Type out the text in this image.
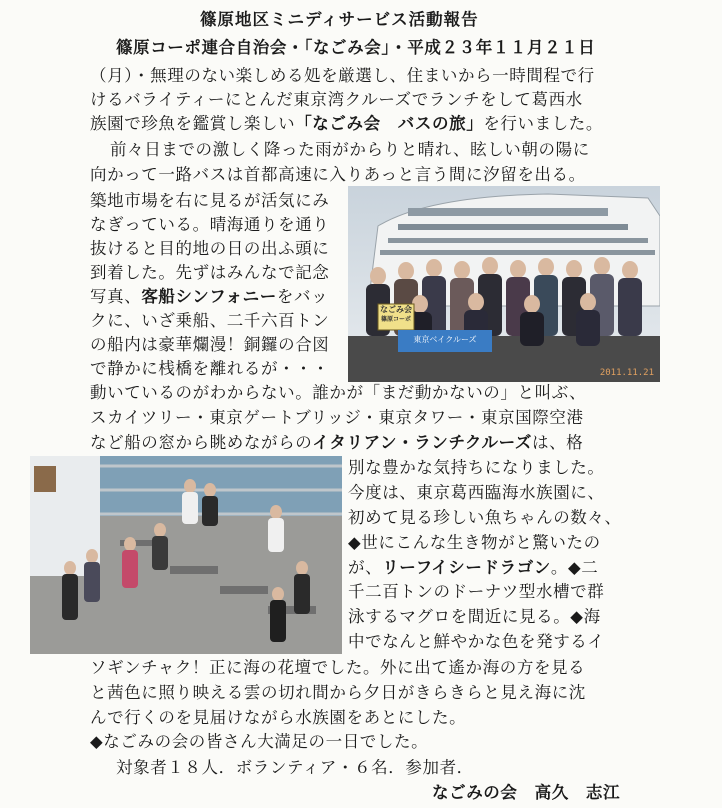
篠原地区ミニディサービス活動報告
篠原コーポ連合自治会・「なごみ会」・平成２３年１１月２１日
（月）・無理のない楽しめる処を厳選し、住まいから一時間程で行
けるバライティーにとんだ東京湾クルーズでランチをして葛西水
族園で珍魚を鑑賞し楽しい「なごみ会　バスの旅」を行いました。
前々日までの激しく降った雨がからりと晴れ、眩しい朝の陽に
向かって一路バスは首都高速に入りあっと言う間に汐留を出る。
築地市場を右に見るが活気にみ
なぎっている。晴海通りを通り
抜けると目的地の日の出ふ頭に
到着した。先ずはみんなで記念
写真、客船シンフォニーをバッ
クに、いざ乗船、二千六百トン
の船内は豪華爛漫！銅鑼の合図
で静かに桟橋を離れるが・・・
動いているのがわからない。誰かが「まだ動かないの」と叫ぶ、
スカイツリー・東京ゲートブリッジ・東京タワー・東京国際空港
など船の窓から眺めながらのイタリアン・ランチクルーズは、格
別な豊かな気持ちになりました。
今度は、東京葛西臨海水族園に、
初めて見る珍しい魚ちゃんの数々、
◆世にこんな生き物がと驚いたの
が、リーフイシードラゴン。◆二
千二百トンのドーナツ型水槽で群
泳するマグロを間近に見る。◆海
中でなんと鮮やかな色を発するイ
ソギンチャク！正に海の花壇でした。外に出て遙か海の方を見る
と茜色に照り映える雲の切れ間から夕日がきらきらと見え海に沈
んで行くのを見届けながら水族園をあとにした。
◆なごみの会の皆さん大満足の一日でした。
対象者１８人．ボランティア・６名．参加者．
なごみの会　高久　志江
なごみ会
篠原コーポ
東京ベイクルーズ
2011.11.21
